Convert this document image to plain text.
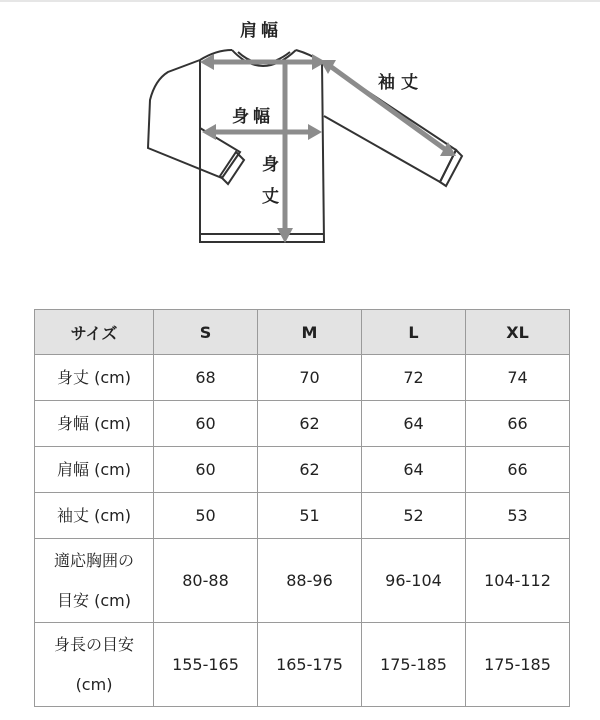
肩幅
身幅
袖丈
身
丈
サイズ	S	M	L	XL
身丈 (cm)	68	70	72	74
身幅 (cm)	60	62	64	66
肩幅 (cm)	60	62	64	66
袖丈 (cm)	50	51	52	53
適応胸囲の
目安 (cm)	80-88	88-96	96-104	104-112
身長の目安
(cm)	155-165	165-175	175-185	175-185
